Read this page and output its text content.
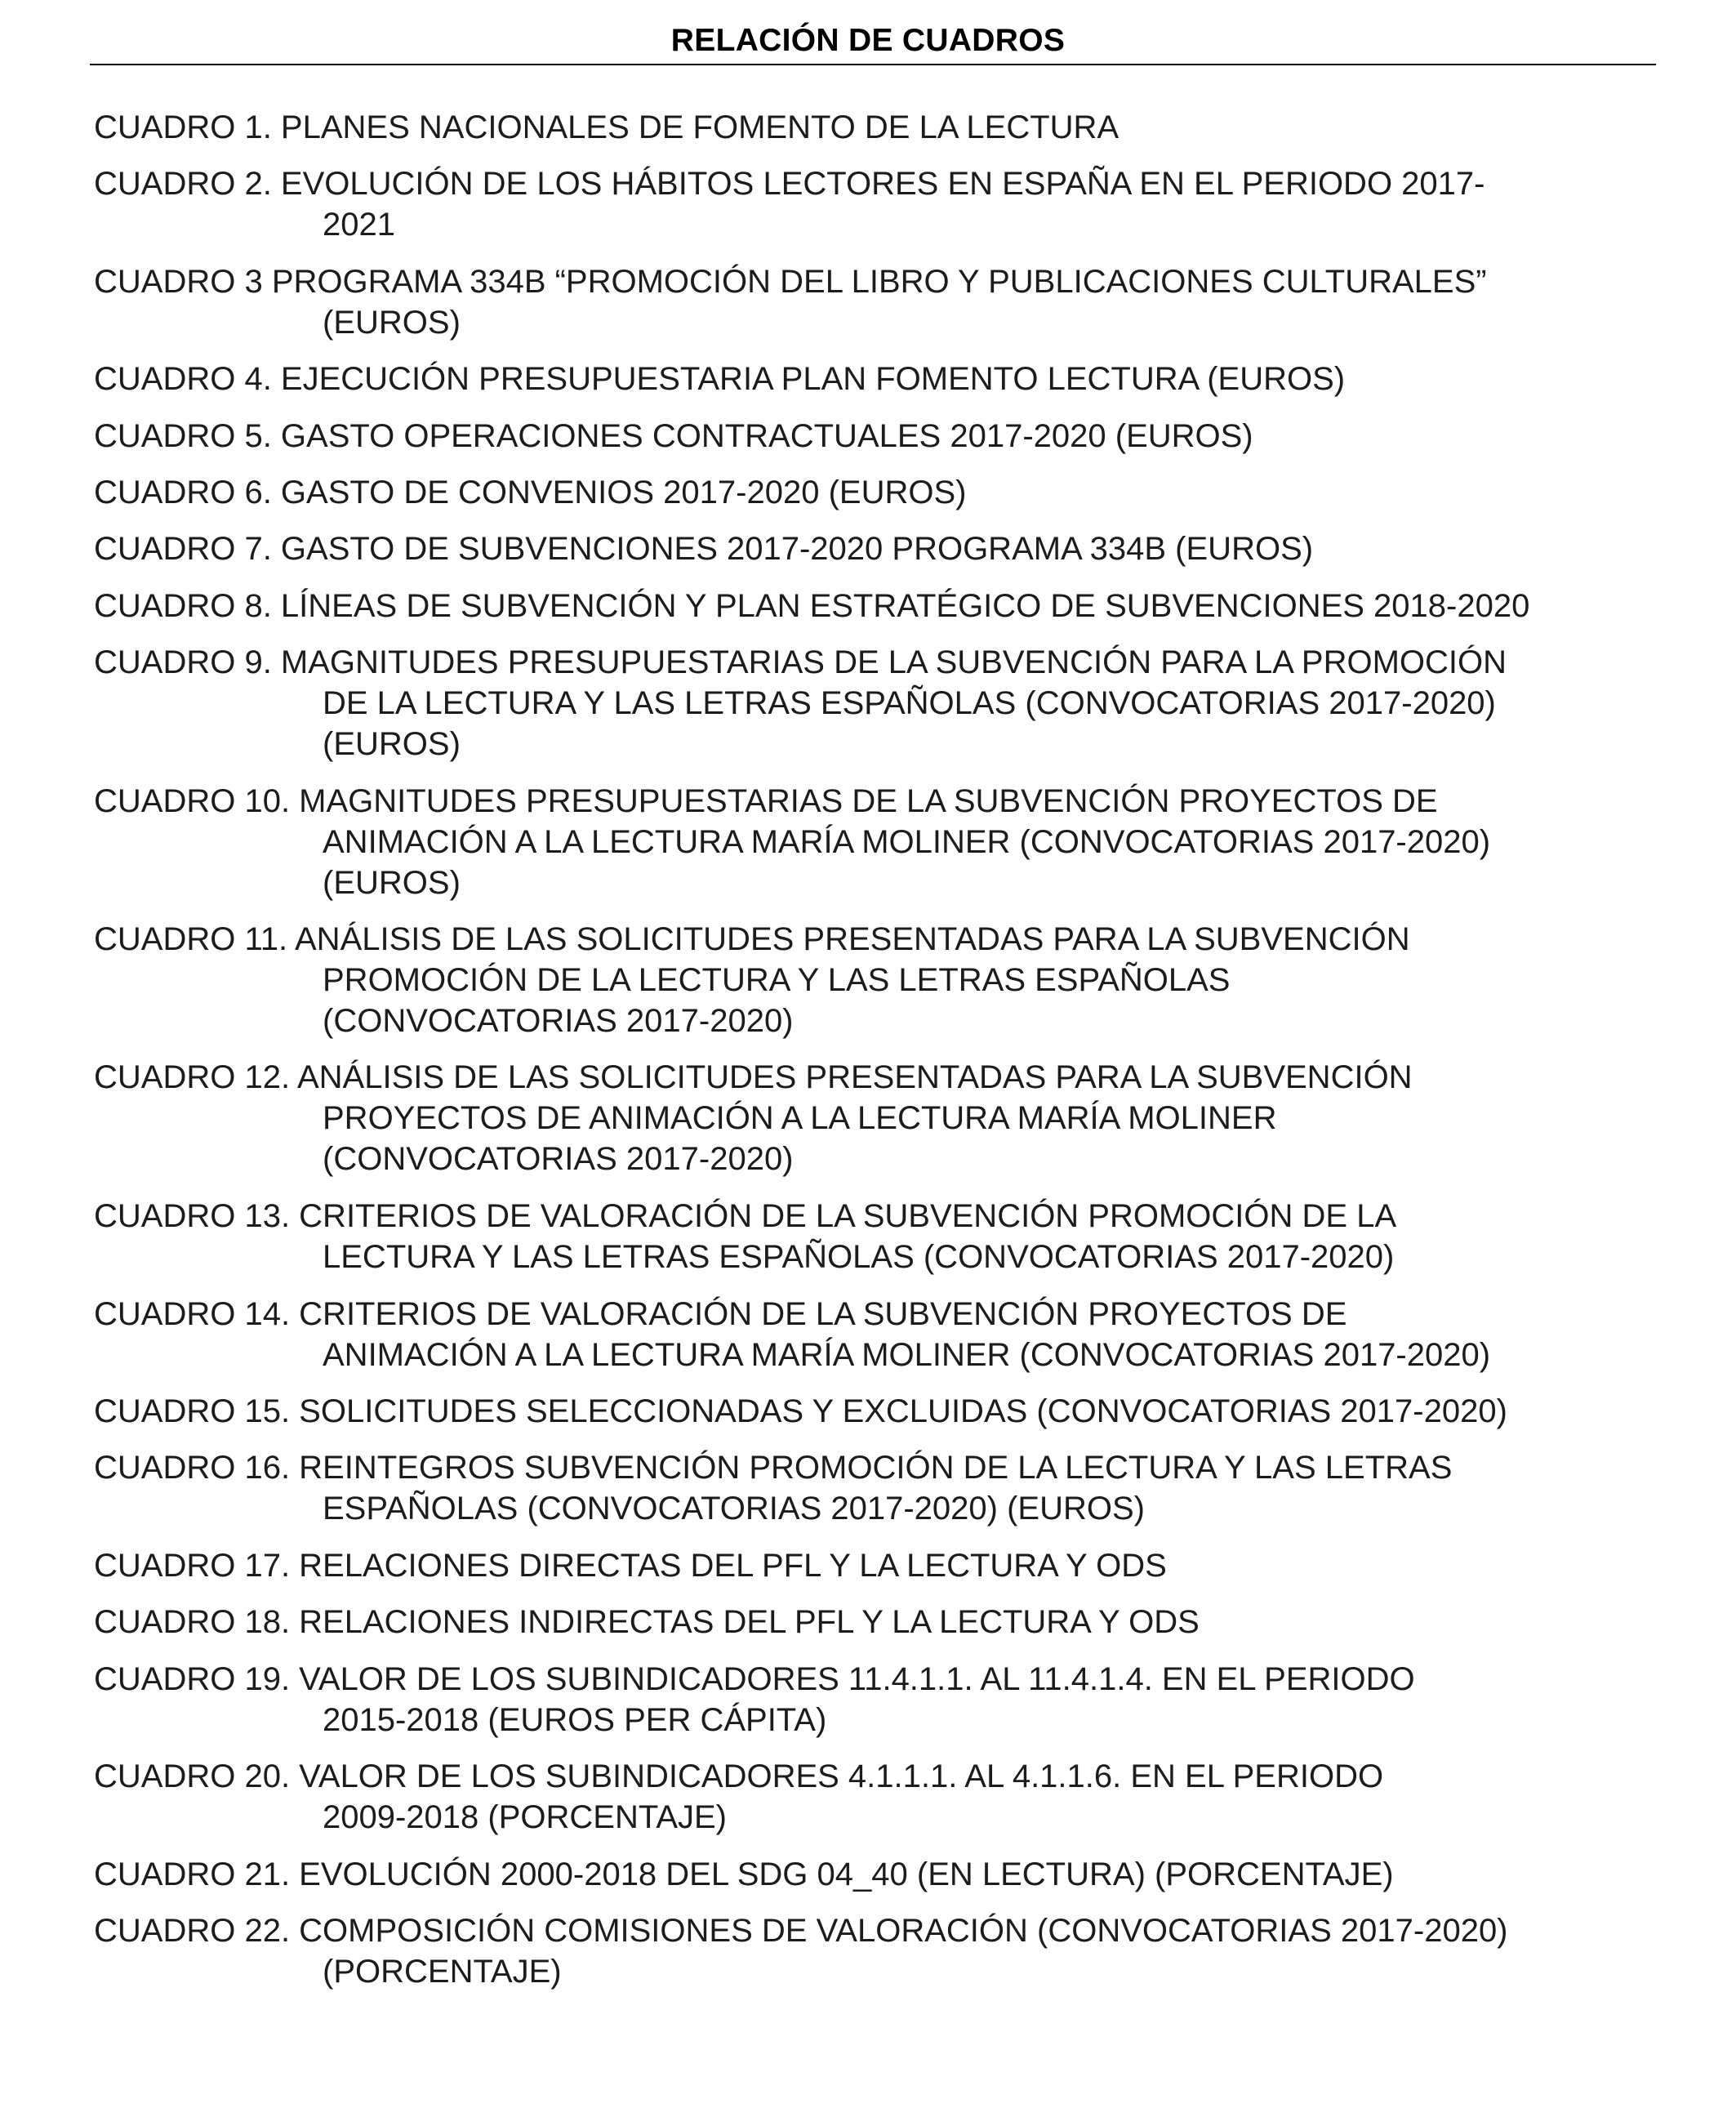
RELACIÓN DE CUADROS
CUADRO 1. PLANES NACIONALES DE FOMENTO DE LA LECTURA
CUADRO 2. EVOLUCIÓN DE LOS HÁBITOS LECTORES EN ESPAÑA EN EL PERIODO 2017-
2021
CUADRO 3 PROGRAMA 334B “PROMOCIÓN DEL LIBRO Y PUBLICACIONES CULTURALES”
(EUROS)
CUADRO 4. EJECUCIÓN PRESUPUESTARIA PLAN FOMENTO LECTURA (EUROS)
CUADRO 5. GASTO OPERACIONES CONTRACTUALES 2017-2020 (EUROS)
CUADRO 6. GASTO DE CONVENIOS 2017-2020 (EUROS)
CUADRO 7. GASTO DE SUBVENCIONES 2017-2020 PROGRAMA 334B (EUROS)
CUADRO 8. LÍNEAS DE SUBVENCIÓN Y PLAN ESTRATÉGICO DE SUBVENCIONES 2018-2020
CUADRO 9. MAGNITUDES PRESUPUESTARIAS DE LA SUBVENCIÓN PARA LA PROMOCIÓN
DE LA LECTURA Y LAS LETRAS ESPAÑOLAS (CONVOCATORIAS 2017-2020)
(EUROS)
CUADRO 10. MAGNITUDES PRESUPUESTARIAS DE LA SUBVENCIÓN PROYECTOS DE
ANIMACIÓN A LA LECTURA MARÍA MOLINER (CONVOCATORIAS 2017-2020)
(EUROS)
CUADRO 11. ANÁLISIS DE LAS SOLICITUDES PRESENTADAS PARA LA SUBVENCIÓN
PROMOCIÓN DE LA LECTURA Y LAS LETRAS ESPAÑOLAS
(CONVOCATORIAS 2017-2020)
CUADRO 12. ANÁLISIS DE LAS SOLICITUDES PRESENTADAS PARA LA SUBVENCIÓN
PROYECTOS DE ANIMACIÓN A LA LECTURA MARÍA MOLINER
(CONVOCATORIAS 2017-2020)
CUADRO 13. CRITERIOS DE VALORACIÓN DE LA SUBVENCIÓN PROMOCIÓN DE LA
LECTURA Y LAS LETRAS ESPAÑOLAS (CONVOCATORIAS 2017-2020)
CUADRO 14. CRITERIOS DE VALORACIÓN DE LA SUBVENCIÓN PROYECTOS DE
ANIMACIÓN A LA LECTURA MARÍA MOLINER (CONVOCATORIAS 2017-2020)
CUADRO 15. SOLICITUDES SELECCIONADAS Y EXCLUIDAS (CONVOCATORIAS 2017-2020)
CUADRO 16. REINTEGROS SUBVENCIÓN PROMOCIÓN DE LA LECTURA Y LAS LETRAS
ESPAÑOLAS (CONVOCATORIAS 2017-2020) (EUROS)
CUADRO 17. RELACIONES DIRECTAS DEL PFL Y LA LECTURA Y ODS
CUADRO 18. RELACIONES INDIRECTAS DEL PFL Y LA LECTURA Y ODS
CUADRO 19. VALOR DE LOS SUBINDICADORES 11.4.1.1. AL 11.4.1.4. EN EL PERIODO
2015-2018 (EUROS PER CÁPITA)
CUADRO 20. VALOR DE LOS SUBINDICADORES 4.1.1.1. AL 4.1.1.6. EN EL PERIODO
2009-2018 (PORCENTAJE)
CUADRO 21. EVOLUCIÓN 2000-2018 DEL SDG 04_40 (EN LECTURA) (PORCENTAJE)
CUADRO 22. COMPOSICIÓN COMISIONES DE VALORACIÓN (CONVOCATORIAS 2017-2020)
(PORCENTAJE)
